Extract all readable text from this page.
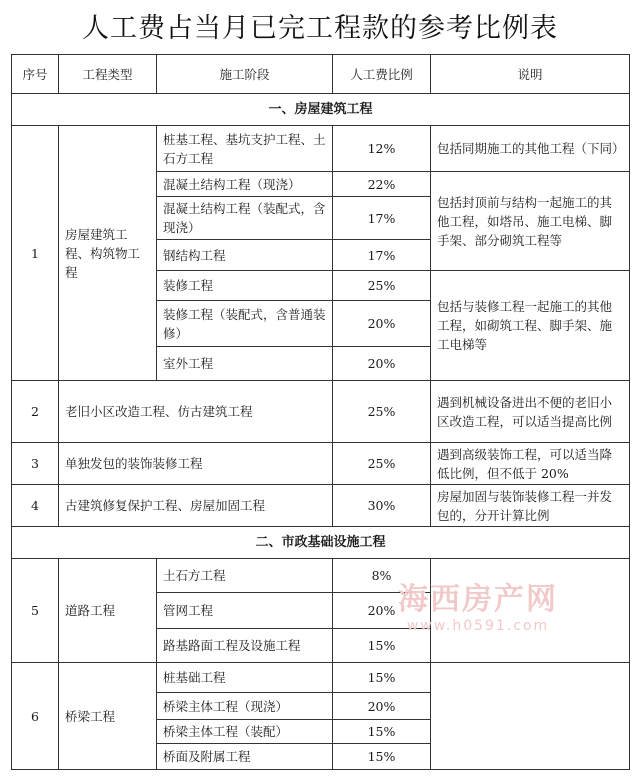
人工费占当月已完工程款的参考比例表
序号	工程类型	施工阶段	人工费比例	说明
一、房屋建筑工程				
1	房屋建筑工程、构筑物工程	桩基工程、基坑支护工程、土石方工程	12%	包括同期施工的其他工程（下同）
		混凝土结构工程（现浇）	22%	包括封顶前与结构一起施工的其他工程，如塔吊、施工电梯、脚手架、部分砌筑工程等
		混凝土结构工程（装配式，含现浇）	17%	
		钢结构工程	17%	
		装修工程	25%	包括与装修工程一起施工的其他工程，如砌筑工程、脚手架、施工电梯等
		装修工程（装配式，含普通装修）	20%	
		室外工程	20%	
2	老旧小区改造工程、仿古建筑工程		25%	遇到机械设备进出不便的老旧小区改造工程，可以适当提高比例
3	单独发包的装饰装修工程		25%	遇到高级装饰工程，可以适当降低比例，但不低于 20%
4	古建筑修复保护工程、房屋加固工程		30%	房屋加固与装饰装修工程一并发包的，分开计算比例
二、市政基础设施工程				
5	道路工程	土石方工程	8%	
		管网工程	20%	
		路基路面工程及设施工程	15%	
6	桥梁工程	桩基础工程	15%	
		桥梁主体工程（现浇）	20%	
		桥梁主体工程（装配）	15%	
		桥面及附属工程	15%	
海西房产网
www.h0591.com
